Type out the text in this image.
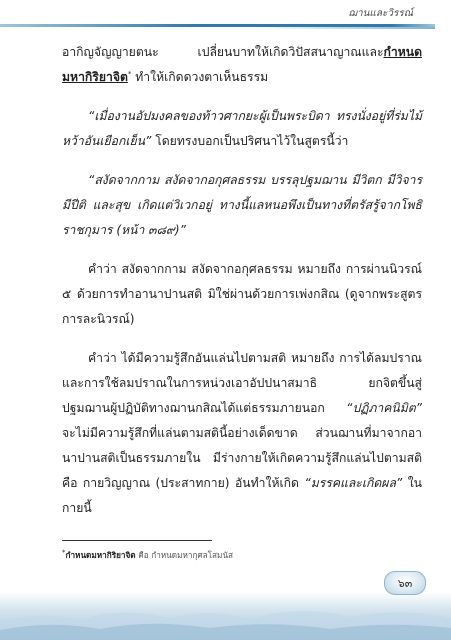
ฌานและวิรรณ์

อากิญจัญญายตนะ	เปลี่ยนบาทให้เกิดวิปัสสนาญาณและกำหนด มหากิริยาจิต* ทำให้เกิดดวงตาเห็นธรรม

“เมื่องานอัปมงคลของท้าวศากยะผู้เป็นพระบิดา ทรงนั่งอยู่ที่ร่มไม้หว้าอันเยือกเย็น” โดยทรงบอกเป็นปริศนาไว้ในสูตรนี้ว่า

“สงัดจากกาม สงัดจากอกุศลธรรม บรรลุปฐมฌาน มีวิตก มีวิจาร มีปีติ และสุข เกิดแต่วิเวกอยู่ ทางนี้แลหนอพึงเป็นทางที่ตรัสรู้จากโพธิราชกุมาร (หน้า ๓๘๙)”

คำว่า สงัดจากกาม สงัดจากอกุศลธรรม หมายถึง การผ่านนิวรณ์ ๕ ด้วยการทำอานาปานสติ มิใช่ผ่านด้วยการเพ่งกสิณ (ดูจากพระสูตรการละนิวรณ์)

คำว่า ได้มีความรู้สึกอันแล่นไปตามสติ หมายถึง การได้ลมปราณและการใช้ลมปราณในการหน่วงเอาอัปปนาสมาธิ ยกจิตขึ้นสู่ปฐมฌานผู้ปฏิบัติทางฌานกสิณได้แต่ธรรมภายนอก “ปฏิภาคนิมิต” จะไม่มีความรู้สึกที่แล่นตามสตินี้อย่างเด็ดขาด ส่วนฌานที่มาจากอานาปานสติเป็นธรรมภายใน มีร่างกายให้เกิดความรู้สึกแล่นไปตามสติ คือ กายวิญญาณ (ประสาทกาย) อันทำให้เกิด “มรรคและเกิดผล” ในกายนี้

*กำหนดมหากิริยาจิต คือ กำหนดมหากุศลโสมนัส
๖๓
